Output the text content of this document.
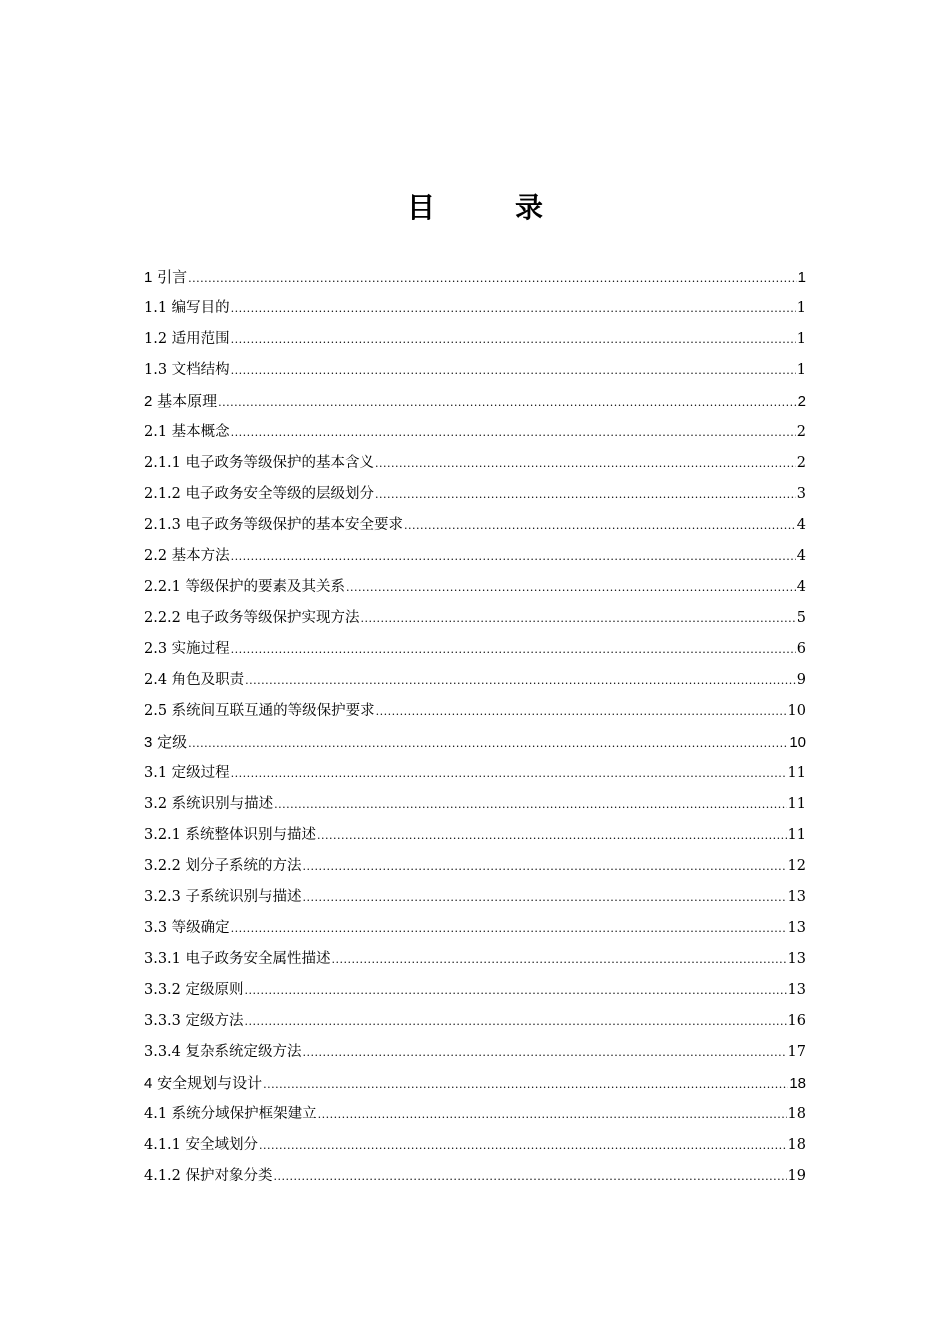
目　录
1 引言 .....	1
1.1 编写目的 .....	1
1.2 适用范围 .....	1
1.3 文档结构 .....	1
2 基本原理 .....	2
2.1 基本概念 .....	2
2.1.1 电子政务等级保护的基本含义 .....	2
2.1.2 电子政务安全等级的层级划分 .....	3
2.1.3 电子政务等级保护的基本安全要求 .....	4
2.2 基本方法 .....	4
2.2.1 等级保护的要素及其关系 .....	4
2.2.2 电子政务等级保护实现方法 .....	5
2.3 实施过程 .....	6
2.4 角色及职责 .....	9
2.5 系统间互联互通的等级保护要求 .....	10
3 定级 .....	10
3.1 定级过程 .....	11
3.2 系统识别与描述 .....	11
3.2.1 系统整体识别与描述 .....	11
3.2.2 划分子系统的方法 .....	12
3.2.3 子系统识别与描述 .....	13
3.3 等级确定 .....	13
3.3.1 电子政务安全属性描述 .....	13
3.3.2 定级原则 .....	13
3.3.3 定级方法 .....	16
3.3.4 复杂系统定级方法 .....	17
4 安全规划与设计 .....	18
4.1 系统分域保护框架建立 .....	18
4.1.1 安全域划分 .....	18
4.1.2 保护对象分类 .....	19
